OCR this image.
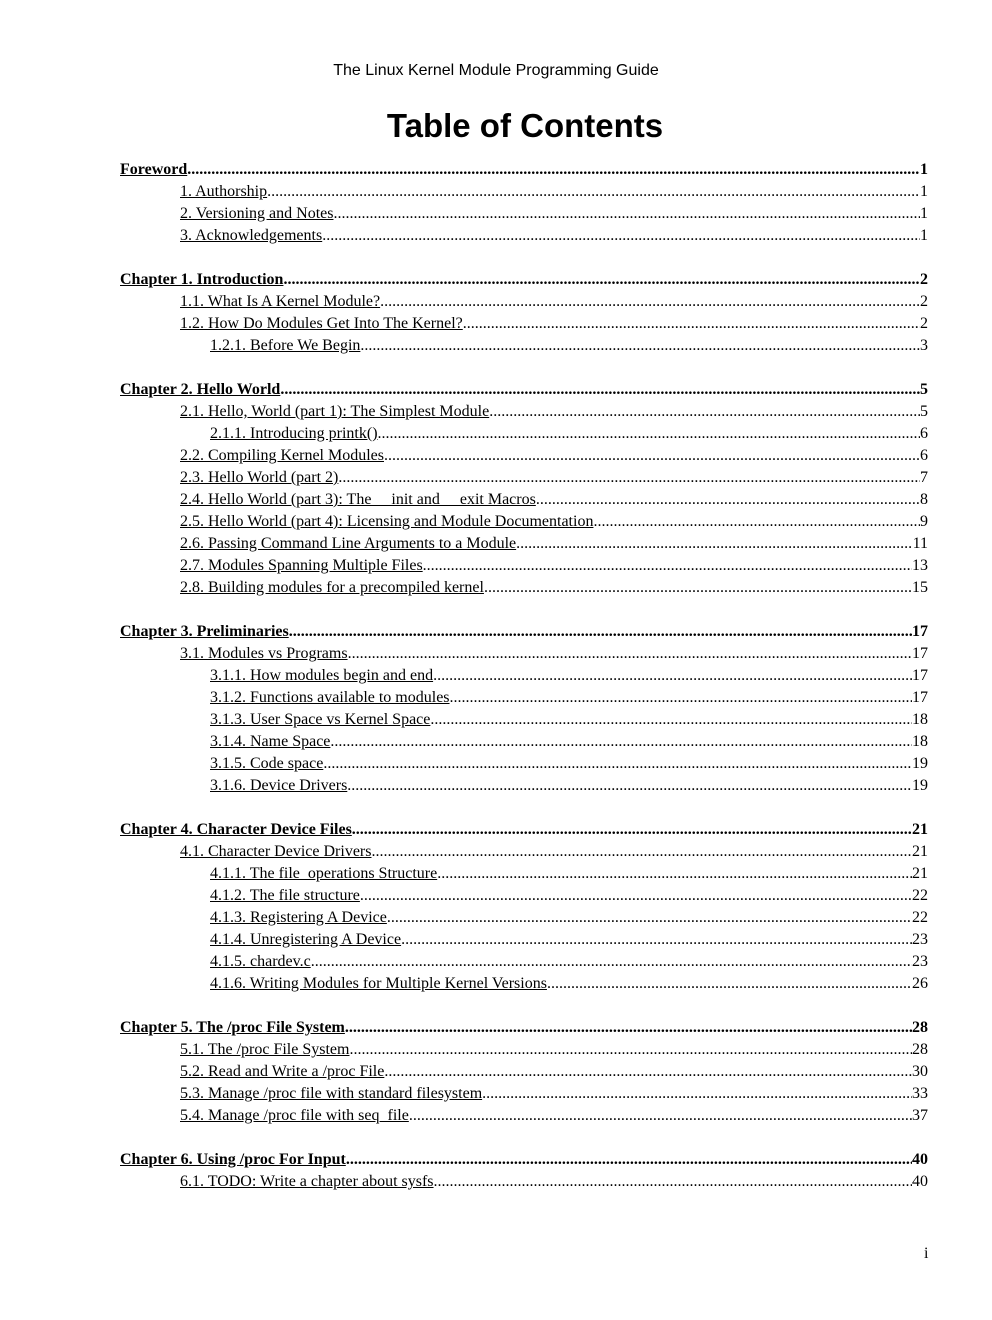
The Linux Kernel Module Programming Guide
Table of Contents
Foreword .....	1
1. Authorship .....	1
2. Versioning and Notes .....	1
3. Acknowledgements .....	1
Chapter 1. Introduction .....	2
1.1. What Is A Kernel Module? .....	2
1.2. How Do Modules Get Into The Kernel? .....	2
1.2.1. Before We Begin .....	3
Chapter 2. Hello World .....	5
2.1. Hello, World (part 1): The Simplest Module .....	5
2.1.1. Introducing printk() .....	6
2.2. Compiling Kernel Modules .....	6
2.3. Hello World (part 2) .....	7
2.4. Hello World (part 3): The __init and __exit Macros .....	8
2.5. Hello World (part 4): Licensing and Module Documentation .....	9
2.6. Passing Command Line Arguments to a Module .....	11
2.7. Modules Spanning Multiple Files .....	13
2.8. Building modules for a precompiled kernel .....	15
Chapter 3. Preliminaries .....	17
3.1. Modules vs Programs .....	17
3.1.1. How modules begin and end .....	17
3.1.2. Functions available to modules .....	17
3.1.3. User Space vs Kernel Space .....	18
3.1.4. Name Space .....	18
3.1.5. Code space .....	19
3.1.6. Device Drivers .....	19
Chapter 4. Character Device Files .....	21
4.1. Character Device Drivers .....	21
4.1.1. The file_operations Structure .....	21
4.1.2. The file structure .....	22
4.1.3. Registering A Device .....	22
4.1.4. Unregistering A Device .....	23
4.1.5. chardev.c .....	23
4.1.6. Writing Modules for Multiple Kernel Versions .....	26
Chapter 5. The /proc File System .....	28
5.1. The /proc File System .....	28
5.2. Read and Write a /proc File .....	30
5.3. Manage /proc file with standard filesystem .....	33
5.4. Manage /proc file with seq_file .....	37
Chapter 6. Using /proc For Input .....	40
6.1. TODO: Write a chapter about sysfs .....	40
i
